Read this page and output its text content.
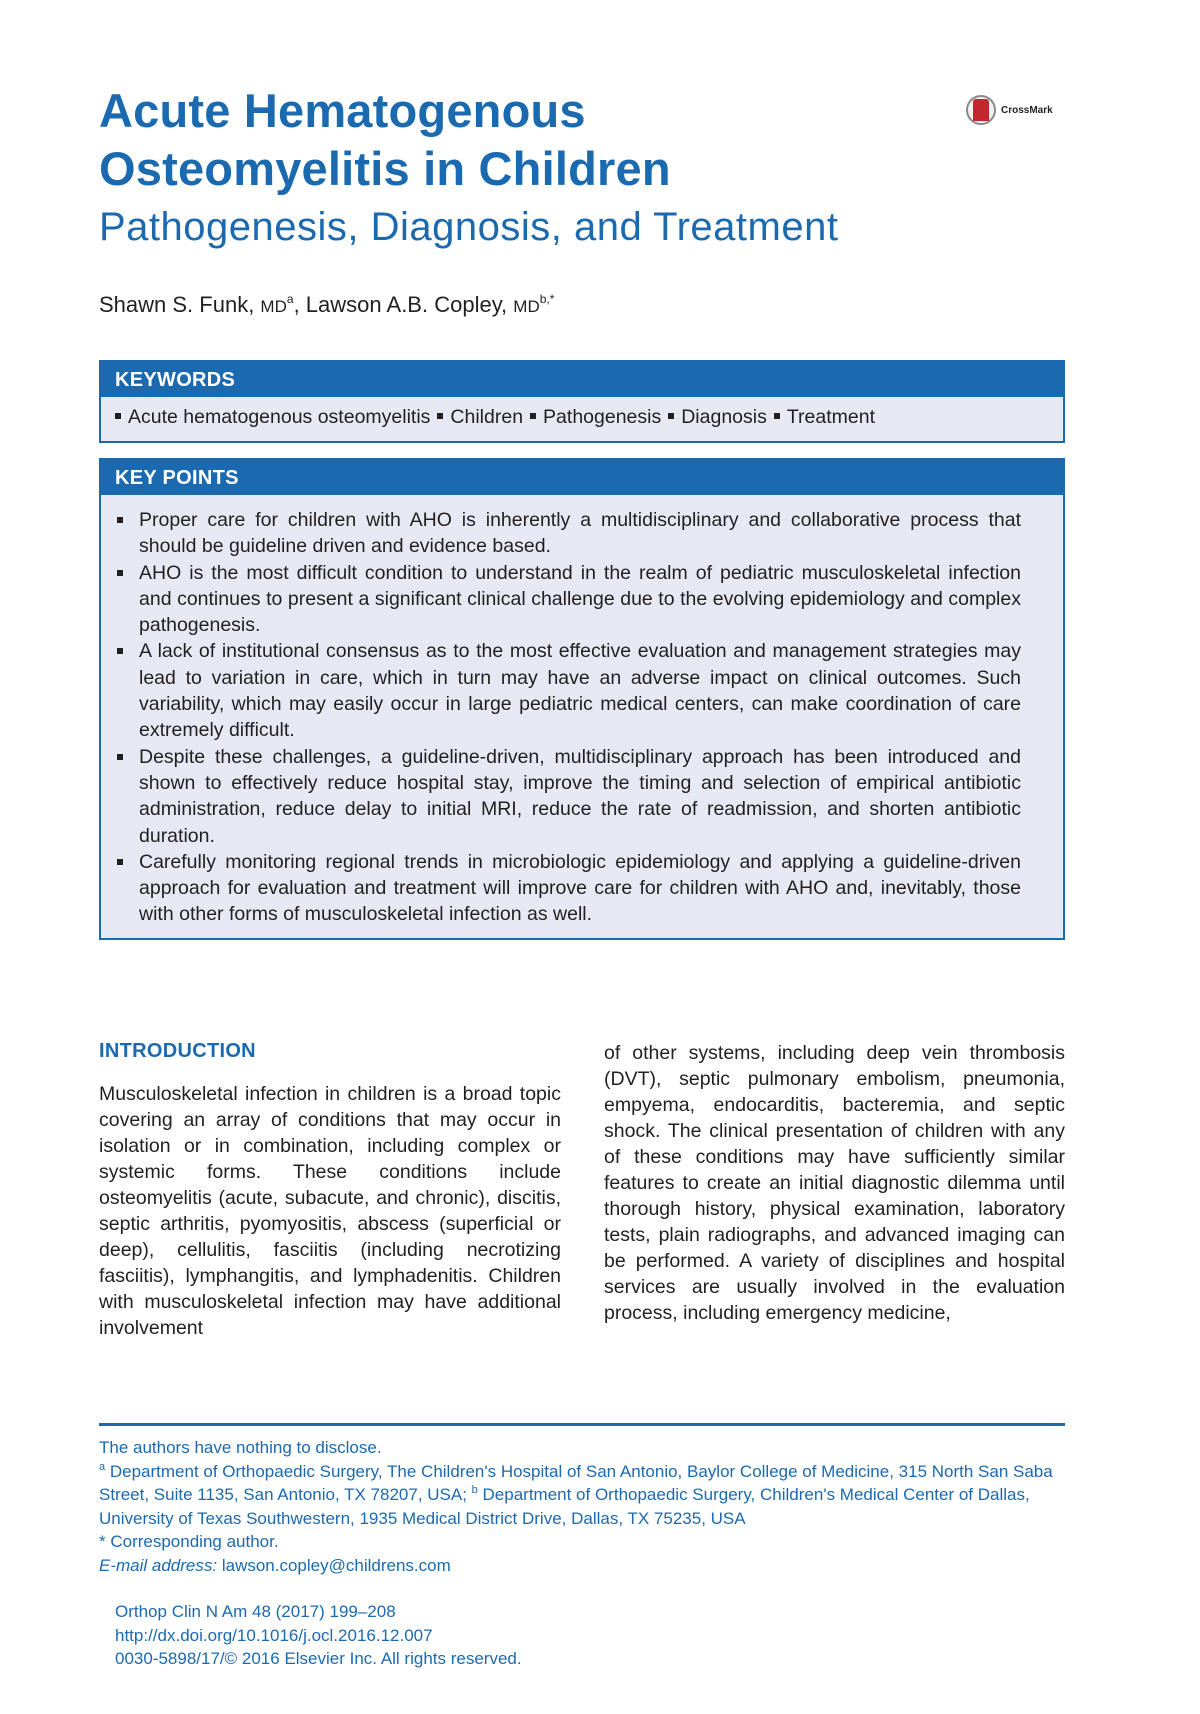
Acute Hematogenous
Osteomyelitis in Children
Pathogenesis, Diagnosis, and Treatment
CrossMark
Shawn S. Funk, $MD^a$, Lawson A.B. Copley, $MD^{b,*}$
KEYWORDS
Acute hematogenous osteomyelitis Children Pathogenesis Diagnosis Treatment
KEY POINTS
Proper care for children with AHO is inherently a multidisciplinary and collaborative process that should be guideline driven and evidence based.
AHO is the most difficult condition to understand in the realm of pediatric musculoskeletal infection and continues to present a significant clinical challenge due to the evolving epidemiology and complex pathogenesis.
A lack of institutional consensus as to the most effective evaluation and management strategies may lead to variation in care, which in turn may have an adverse impact on clinical outcomes. Such variability, which may easily occur in large pediatric medical centers, can make coordination of care extremely difficult.
Despite these challenges, a guideline-driven, multidisciplinary approach has been introduced and shown to effectively reduce hospital stay, improve the timing and selection of empirical antibiotic administration, reduce delay to initial MRI, reduce the rate of readmission, and shorten antibiotic duration.
Carefully monitoring regional trends in microbiologic epidemiology and applying a guideline-driven approach for evaluation and treatment will improve care for children with AHO and, inevitably, those with other forms of musculoskeletal infection as well.
INTRODUCTION
Musculoskeletal infection in children is a broad topic covering an array of conditions that may occur in isolation or in combination, including complex or systemic forms. These conditions include osteomyelitis (acute, subacute, and chronic), discitis, septic arthritis, pyomyositis, abscess (superficial or deep), cellulitis, fasciitis (including necrotizing fasciitis), lymphangitis, and lymphadenitis. Children with musculoskeletal infection may have additional involvement
of other systems, including deep vein thrombosis (DVT), septic pulmonary embolism, pneumonia, empyema, endocarditis, bacteremia, and septic shock. The clinical presentation of children with any of these conditions may have sufficiently similar features to create an initial diagnostic dilemma until thorough history, physical examination, laboratory tests, plain radiographs, and advanced imaging can be performed. A variety of disciplines and hospital services are usually involved in the evaluation process, including emergency medicine,

The authors have nothing to disclose.

$^a$ Department of Orthopaedic Surgery, The Children's Hospital of San Antonio, Baylor College of Medicine, 315 North San Saba Street, Suite 1135, San Antonio, TX 78207, USA; $^b$ Department of Orthopaedic Surgery, Children's Medical Center of Dallas, University of Texas Southwestern, 1935 Medical District Drive, Dallas, TX 75235, USA

* Corresponding author.

E-mail address: lawson.copley@childrens.com

Orthop Clin N Am 48 (2017) 199–208
http://dx.doi.org/10.1016/j.ocl.2016.12.007
0030-5898/17/© 2016 Elsevier Inc. All rights reserved.
